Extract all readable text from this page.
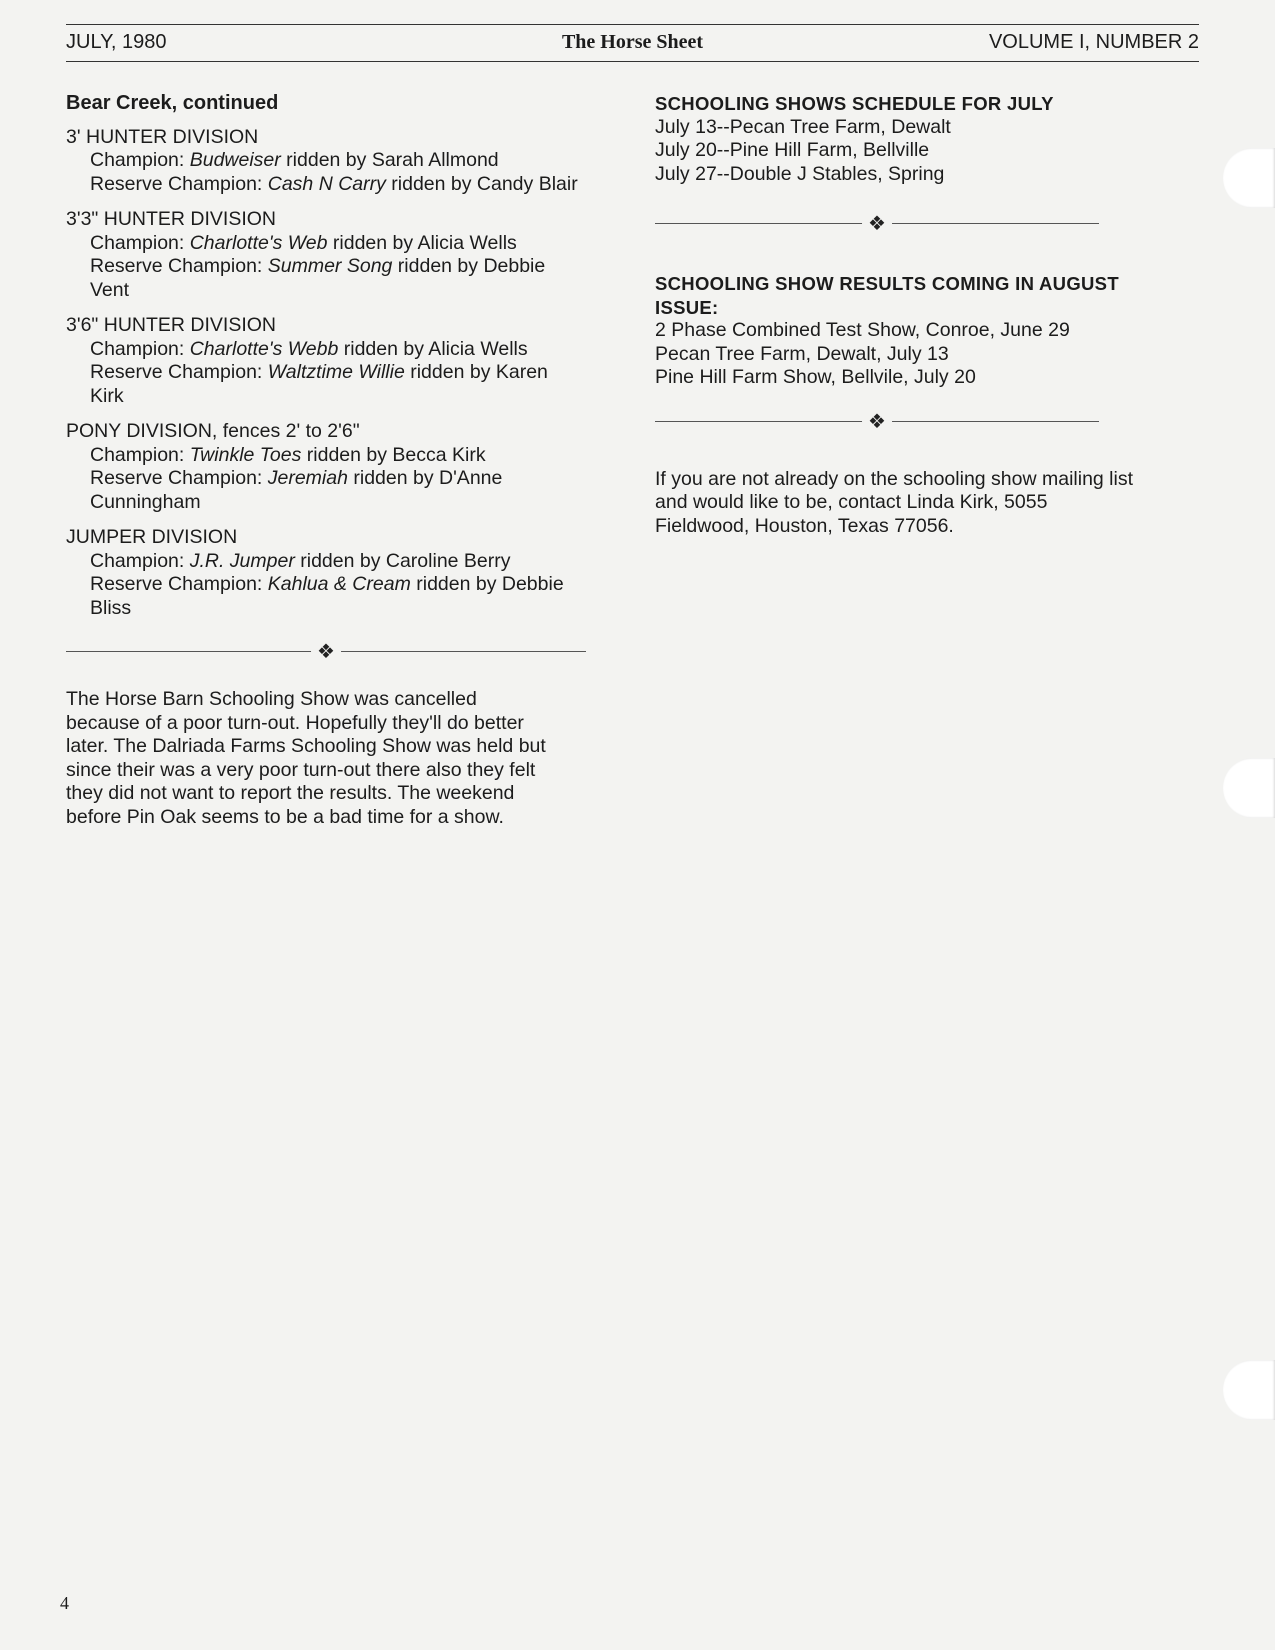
JULY, 1980	The Horse Sheet	VOLUME I, NUMBER 2
Bear Creek, continued
3' HUNTER DIVISION
Champion: Budweiser ridden by Sarah Allmond
Reserve Champion: Cash N Carry ridden by Candy Blair
3'3" HUNTER DIVISION
Champion: Charlotte's Web ridden by Alicia Wells
Reserve Champion: Summer Song ridden by Debbie Vent
3'6" HUNTER DIVISION
Champion: Charlotte's Webb ridden by Alicia Wells
Reserve Champion: Waltztime Willie ridden by Karen Kirk
PONY DIVISION, fences 2' to 2'6"
Champion: Twinkle Toes ridden by Becca Kirk
Reserve Champion: Jeremiah ridden by D'Anne Cunningham
JUMPER DIVISION
Champion: J.R. Jumper ridden by Caroline Berry
Reserve Champion: Kahlua & Cream ridden by Debbie Bliss
❖
The Horse Barn Schooling Show was cancelled because of a poor turn-out. Hopefully they'll do better later. The Dalriada Farms Schooling Show was held but since their was a very poor turn-out there also they felt they did not want to report the results. The weekend before Pin Oak seems to be a bad time for a show.
SCHOOLING SHOWS SCHEDULE FOR JULY
July 13--Pecan Tree Farm, Dewalt
July 20--Pine Hill Farm, Bellville
July 27--Double J Stables, Spring
❖
SCHOOLING SHOW RESULTS COMING IN AUGUST ISSUE:
2 Phase Combined Test Show, Conroe, June 29
Pecan Tree Farm, Dewalt, July 13
Pine Hill Farm Show, Bellvile, July 20
❖
If you are not already on the schooling show mailing list and would like to be, contact Linda Kirk, 5055 Fieldwood, Houston, Texas 77056.
4
